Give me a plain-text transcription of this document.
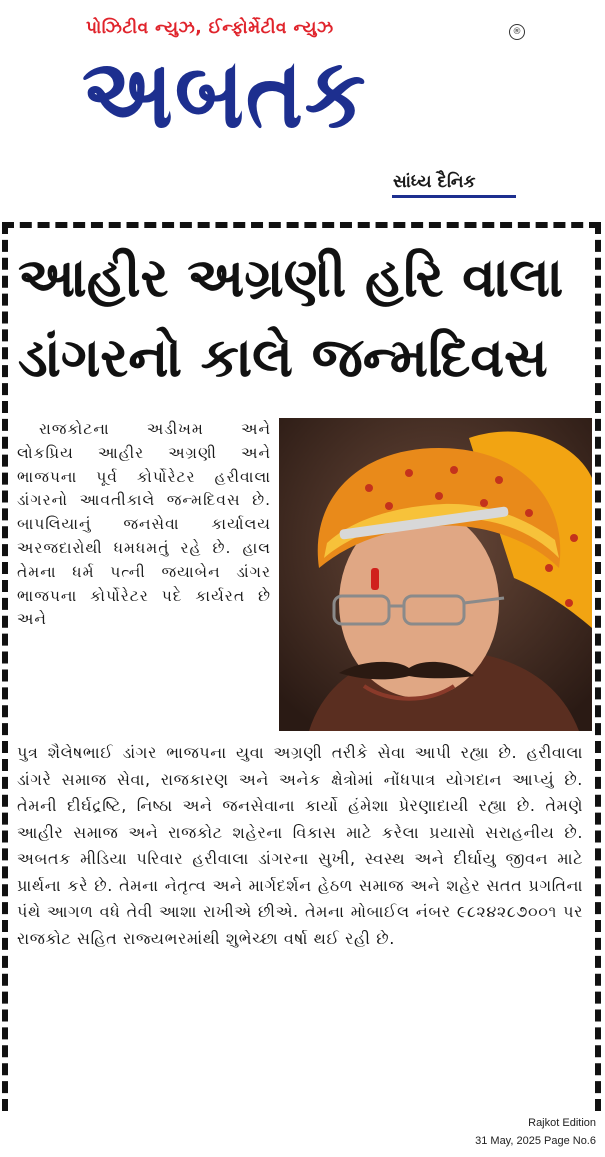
પોઝિટીવ ન્યુઝ, ઈન્ફોર્મેટીવ ન્યુઝ	®
અબતક
સાંધ્ય દૈનિક
આહીર અગ્રણી હરિ વાલા
ડાંગરનો કાલે જન્મદિવસ

રાજકોટના અડીખમ અને લોકપ્રિય આહીર અગ્રણી અને ભાજપના પૂર્વ કોર્પોરેટર હરીવાલા ડાંગરનો આવતીકાલે જન્મદિવસ છે. બાપલિયાનું જનસેવા કાર્યાલય અરજદારોથી ધમધમતું રહે છે. હાલ તેમના ધર્મ પત્ની જયાબેન ડાંગર ભાજપના કોર્પોરેટર પદે કાર્યરત છે અને

પુત્ર શૈલેષભાઈ ડાંગર ભાજપના યુવા અગ્રણી તરીકે સેવા આપી રહ્યા છે. હરીવાલા ડાંગરે સમાજ સેવા, રાજકારણ અને અનેક ક્ષેત્રોમાં નોંધપાત્ર યોગદાન આપ્યું છે. તેમની દીર્ઘદ્રષ્ટિ, નિષ્ઠા અને જનસેવાના કાર્યો હંમેશા પ્રેરણાદાયી રહ્યા છે. તેમણે આહીર સમાજ અને રાજકોટ શહેરના વિકાસ માટે કરેલા પ્રયાસો સરાહનીય છે. અબતક મીડિયા પરિવાર હરીવાલા ડાંગરના સુખી, સ્વસ્થ અને દીર્ઘાયુ જીવન માટે પ્રાર્થના કરે છે. તેમના નેતૃત્વ અને માર્ગદર્શન હેઠળ સમાજ અને શહેર સતત પ્રગતિના પંથે આગળ વધે તેવી આશા રાખીએ છીએ. તેમના મોબાઈલ નંબર ૯૮૨૪૨૮૭૦૦૧ પર રાજકોટ સહિત રાજ્યભરમાંથી શુભેચ્છા વર્ષા થઈ રહી છે.

Rajkot Edition
31 May, 2025 Page No.6
